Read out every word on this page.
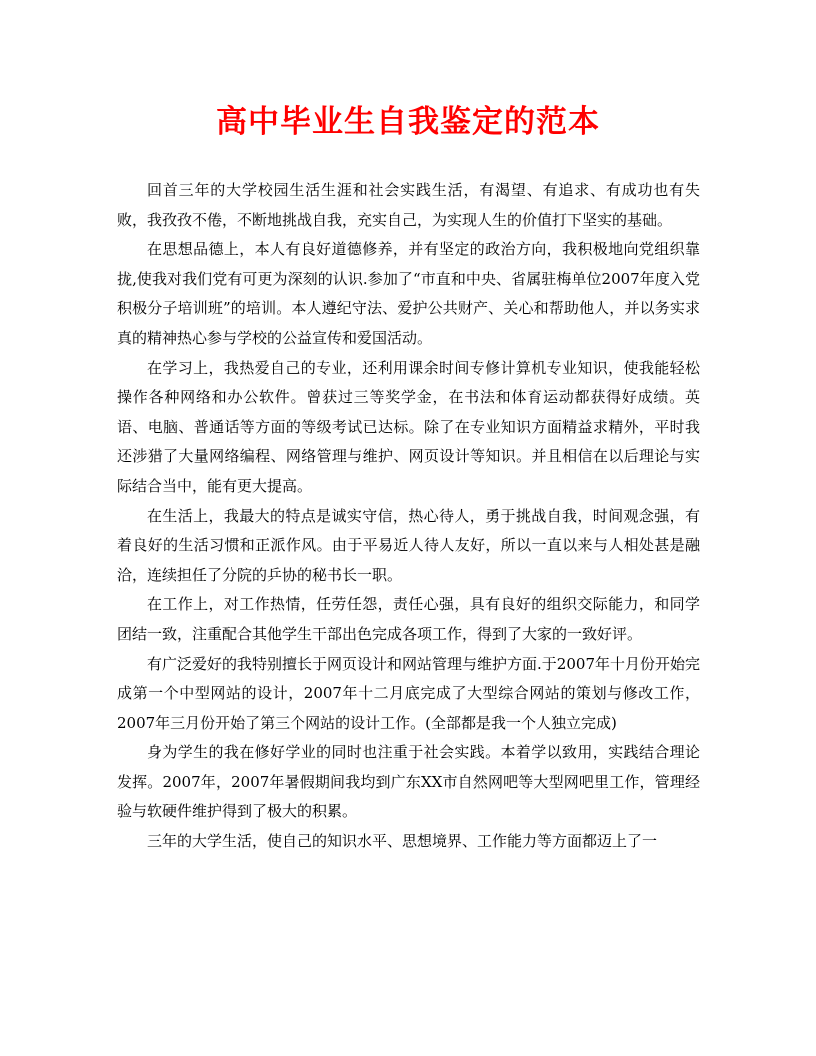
高中毕业生自我鉴定的范本

回首三年的大学校园生活生涯和社会实践生活，有渴望、有追求、有成功也有失败，我孜孜不倦，不断地挑战自我，充实自己，为实现人生的价值打下坚实的基础。

在思想品德上，本人有良好道德修养，并有坚定的政治方向，我积极地向党组织靠拢,使我对我们党有可更为深刻的认识.参加了“市直和中央、省属驻梅单位2007年度入党积极分子培训班”的培训。本人遵纪守法、爱护公共财产、关心和帮助他人，并以务实求真的精神热心参与学校的公益宣传和爱国活动。

在学习上，我热爱自己的专业，还利用课余时间专修计算机专业知识，使我能轻松操作各种网络和办公软件。曾获过三等奖学金，在书法和体育运动都获得好成绩。英语、电脑、普通话等方面的等级考试已达标。除了在专业知识方面精益求精外，平时我还涉猎了大量网络编程、网络管理与维护、网页设计等知识。并且相信在以后理论与实际结合当中，能有更大提高。

在生活上，我最大的特点是诚实守信，热心待人，勇于挑战自我，时间观念强，有着良好的生活习惯和正派作风。由于平易近人待人友好，所以一直以来与人相处甚是融洽，连续担任了分院的乒协的秘书长一职。

在工作上，对工作热情，任劳任怨，责任心强，具有良好的组织交际能力，和同学团结一致，注重配合其他学生干部出色完成各项工作，得到了大家的一致好评。

有广泛爱好的我特别擅长于网页设计和网站管理与维护方面.于2007年十月份开始完成第一个中型网站的设计，2007年十二月底完成了大型综合网站的策划与修改工作，2007年三月份开始了第三个网站的设计工作。(全部都是我一个人独立完成)

身为学生的我在修好学业的同时也注重于社会实践。本着学以致用，实践结合理论发挥。2007年，2007年暑假期间我均到广东XX市自然网吧等大型网吧里工作，管理经验与软硬件维护得到了极大的积累。

三年的大学生活，使自己的知识水平、思想境界、工作能力等方面都迈上了一
